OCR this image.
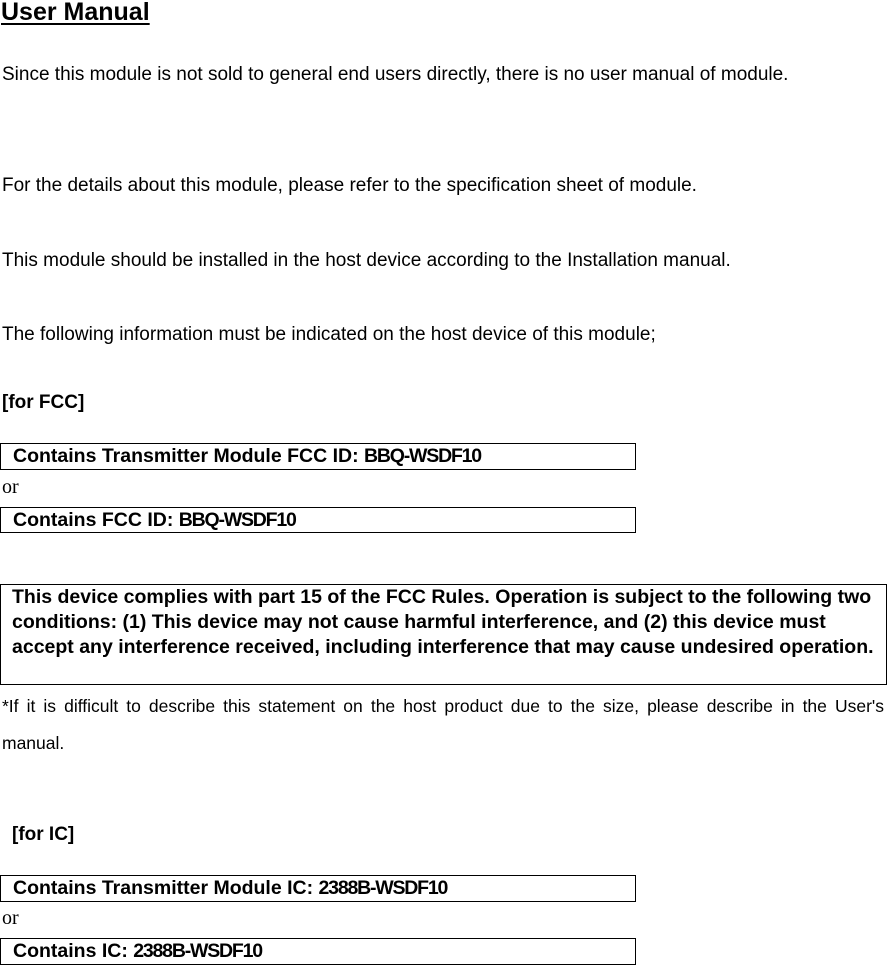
User Manual

Since this module is not sold to general end users directly, there is no user manual of module.

For the details about this module, please refer to the specification sheet of module.

This module should be installed in the host device according to the Installation manual.

The following information must be indicated on the host device of this module;

[for FCC]
Contains Transmitter Module FCC ID: BBQ-WSDF10
or
Contains FCC ID: BBQ-WSDF10
This device complies with part 15 of the FCC Rules. Operation is subject to the following two conditions: (1) This device may not cause harmful interference, and (2) this device must accept any interference received, including interference that may cause undesired operation.
*If it is difficult to describe this statement on the host product due to the size, please describe in the User's manual.
[for IC]
Contains Transmitter Module IC: 2388B-WSDF10
or
Contains IC: 2388B-WSDF10
